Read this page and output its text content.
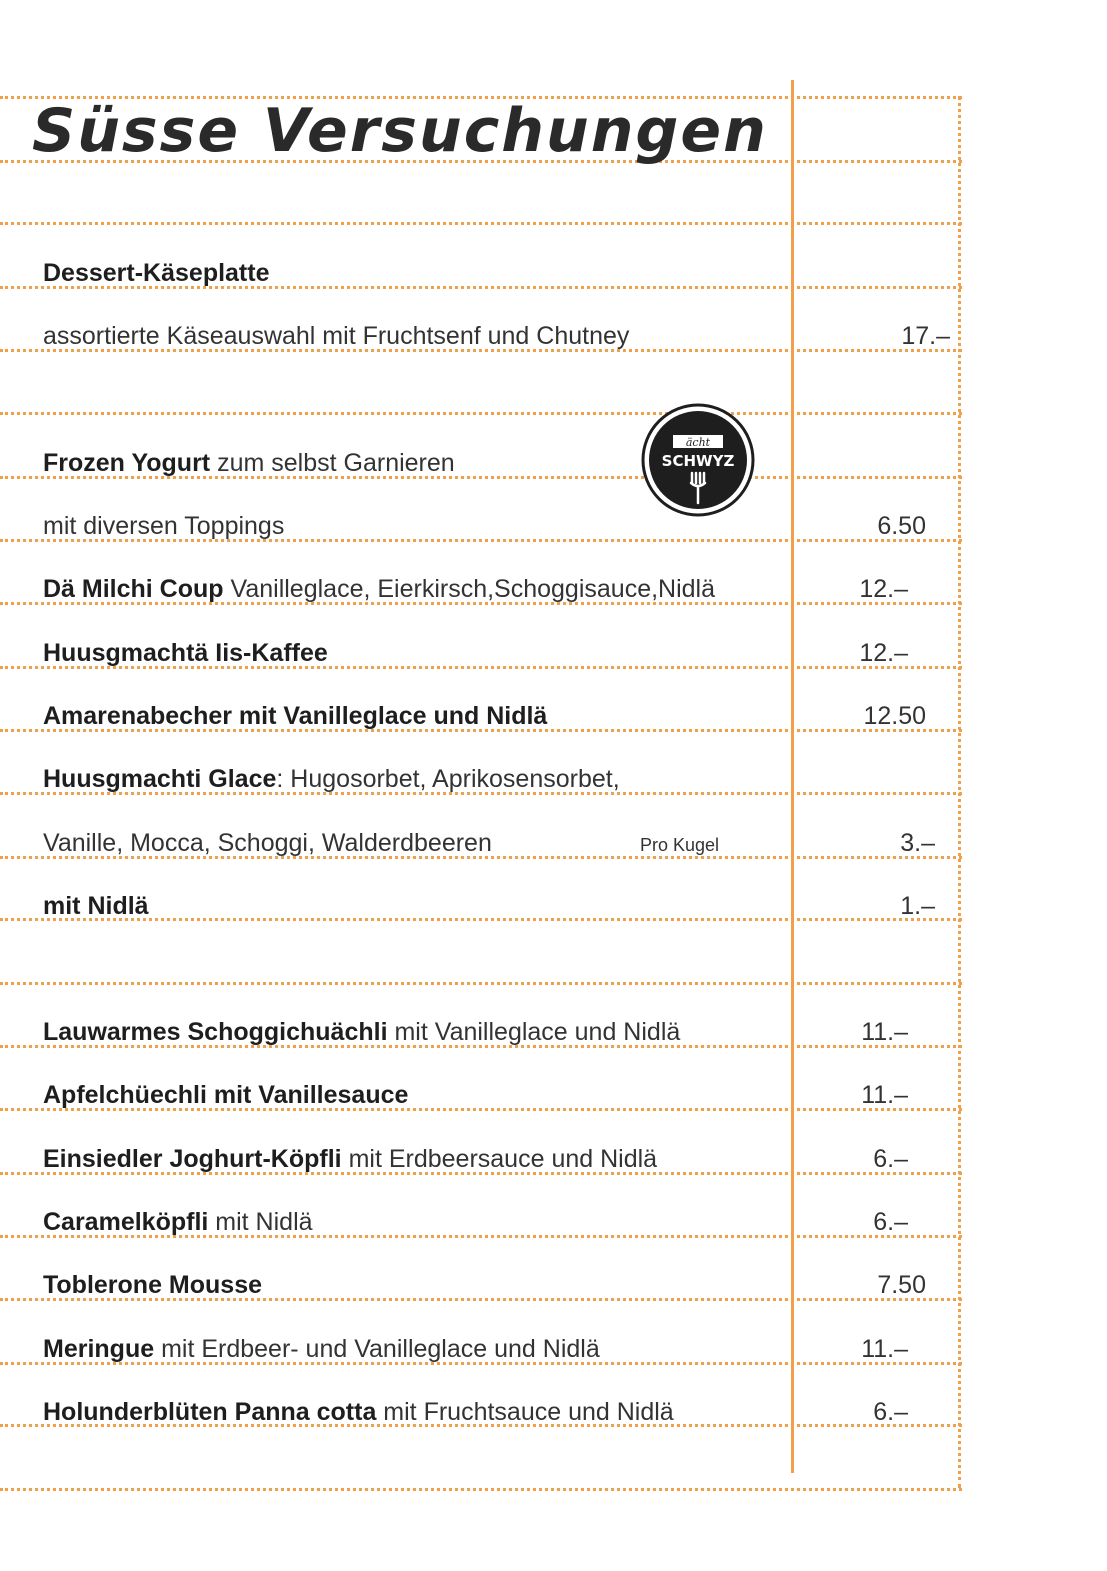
Süsse Versuchungen
ächt
SCHWYZ
Dessert-Käseplatte
assortierte Käseauswahl mit Fruchtsenf und Chutney	17.–
Frozen Yogurt zum selbst Garnieren
mit diversen Toppings	6.50
Dä Milchi Coup Vanilleglace, Eierkirsch,Schoggisauce,Nidlä	12.–
Huusgmachtä Iis-Kaffee	12.–
Amarenabecher mit Vanilleglace und Nidlä	12.50
Huusgmachti Glace: Hugosorbet, Aprikosensorbet,
Vanille, Mocca, Schoggi, Walderdbeeren	Pro Kugel	3.–
mit Nidlä	1.–
Lauwarmes Schoggichuächli mit Vanilleglace und Nidlä	11.–
Apfelchüechli mit Vanillesauce	11.–
Einsiedler Joghurt-Köpfli mit Erdbeersauce und Nidlä	6.–
Caramelköpfli mit Nidlä	6.–
Toblerone Mousse	7.50
Meringue mit Erdbeer- und Vanilleglace und Nidlä	11.–
Holunderblüten Panna cotta mit Fruchtsauce und Nidlä	6.–
